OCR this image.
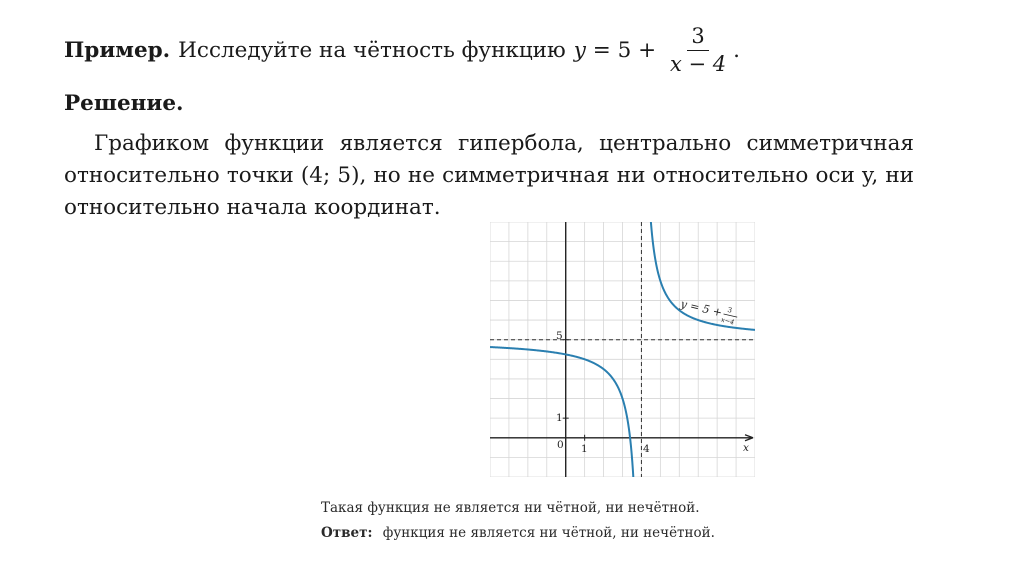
Пример. Исследуйте на чётность функцию $y = 5 + \frac{3}{x - 4}$ .
Решение.

Графиком функции является гипербола, центрально симметричная относительно точки (4; 5), но не симметричная ни относительно оси y, ни относительно начала координат.

5
1
0 1	4	x
y = 5 + 3
x−4
Такая функция не является ни чётной, ни нечётной.
Ответ: функция не является ни чётной, ни нечётной.
